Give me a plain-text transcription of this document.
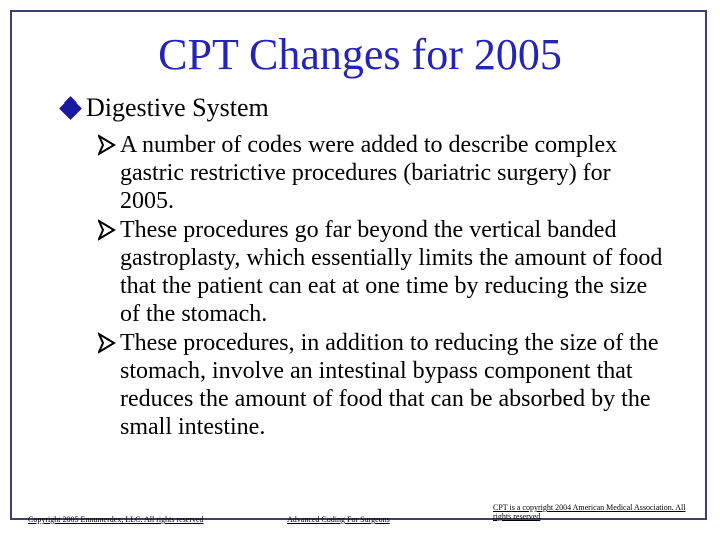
CPT Changes for 2005
Digestive System
A number of codes were added to describe complex gastric restrictive procedures (bariatric surgery) for 2005.
These procedures go far beyond the vertical banded gastroplasty, which essentially limits the amount of food that the patient can eat at one time by reducing the size of the stomach.
These procedures, in addition to reducing the size of the stomach, involve an intestinal bypass component that reduces the amount of food that can be absorbed by the small intestine.
Copyright 2005 Ennumerdex, LLC. All rights reserved	Advanced Coding For Surgeons
CPT is a copyright 2004 American Medical Association. All rights reserved
